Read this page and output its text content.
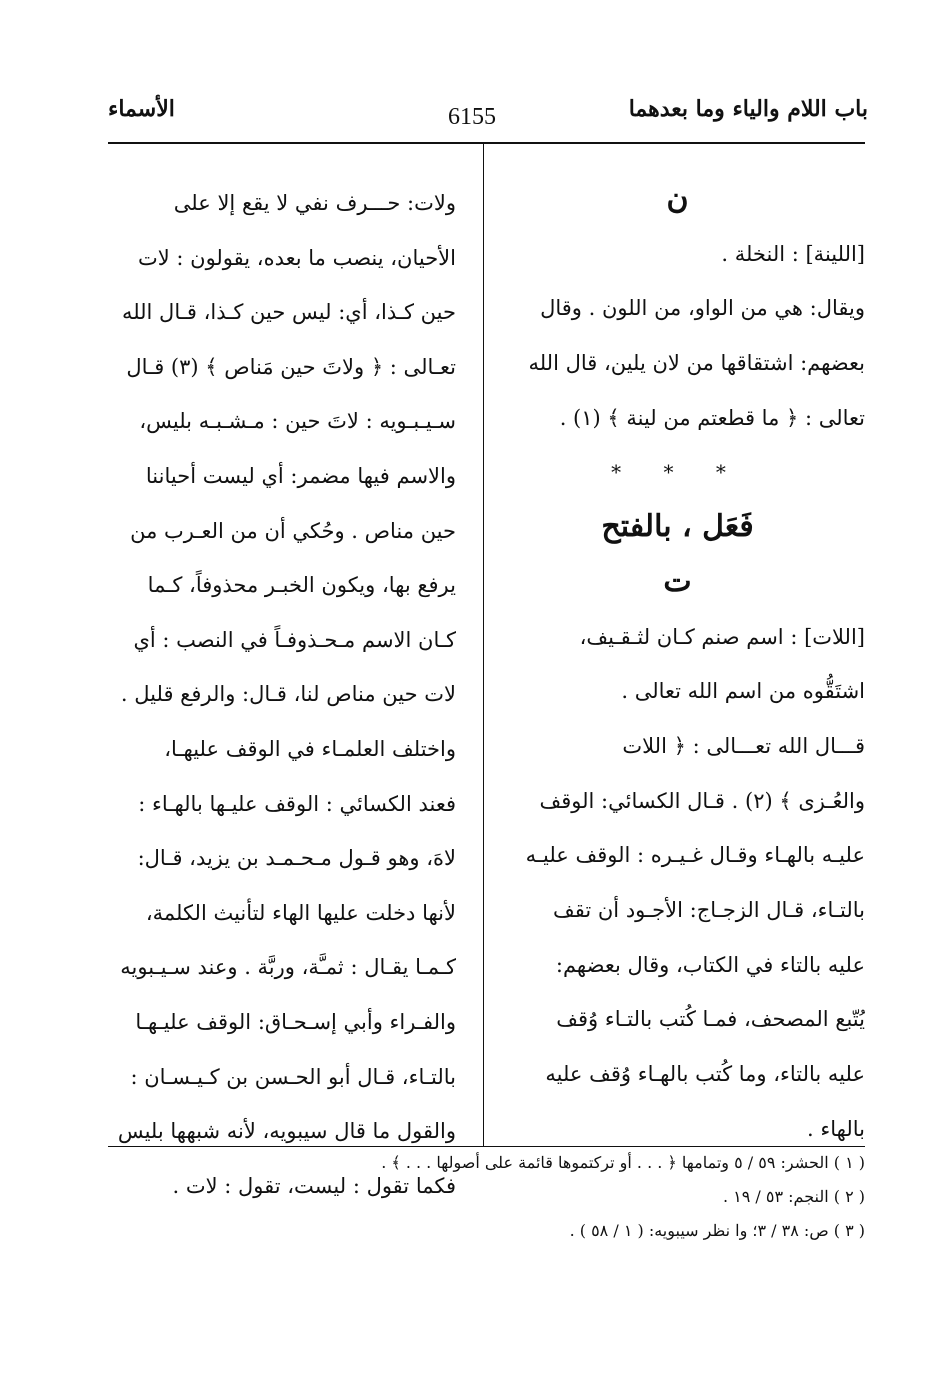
باب اللام والياء وما بعدهما
6155
الأسماء
ن
[اللينة] : النخلة .
ويقال: هي من الواو، من اللون . وقال
بعضهم: اشتقاقها من لان يلين، قال الله
تعالى : ﴿ ما قطعتم من لينة ﴾ (١) .
* * *
فَعَل ، بالفتح
ت
[اللات] : اسم صنم كـان لثـقـيف،
اشتَقُّوه من اسم الله تعالى .
قـــال الله تعـــالى : ﴿ اللات
والعُـزى ﴾ (٢) . قـال الكسائي: الوقف
عليـه بالهـاء وقـال غـيـره : الوقف عليـه
بالتـاء، قـال الزجـاج: الأجـود أن تقف
عليه بالتاء في الكتاب، وقال بعضهم:
يُتّبع المصحف، فمـا كُتب بالتـاء وُقف
عليه بالتاء، وما كُتب بالهـاء وُقف عليه
بالهاء .
ولات: حـــرف نفي لا يقع إلا على
الأحيان، ينصب ما بعده، يقولون : لات
حين كـذا، أي: ليس حين كـذا، قـال الله
تعـالى : ﴿ ولاتَ حين مَناص ﴾ (٣) قـال
سـيـبـويه : لاتَ حين : مـشـبـه بليس،
والاسم فيها مضمر: أي ليست أحياننا
حين مناص . وحُكي أن من العـرب من
يرفع بها، ويكون الخبـر محذوفاً، كـما
كـان الاسم مـحـذوفـاً في النصب : أي
لات حين مناص لنا، قـال: والرفع قليل .
واختلف العلمـاء في الوقف عليهـا،
فعند الكسائي : الوقف عليـها بالهـاء :
لاهَ، وهو قـول مـحـمـد بن يزيد، قـال:
لأنها دخلت عليها الهاء لتأنيث الكلمة،
كـمـا يقـال : ثمـَّة، وربَّة . وعند سـيـبويه
والفـراء وأبي إسـحـاق: الوقف عليـهـا
بالتـاء، قـال أبو الحـسن بن كـيـسـان :
والقول ما قال سيبويه، لأنه شبهها بليس
فكما تقول : ليست، تقول : لات .
( ١ ) الحشر: ٥٩ / ٥ وتمامها ﴿ . . . أو تركتموها قائمة على أصولها . . . ﴾ .
( ٢ ) النجم: ٥٣ / ١٩ .
( ٣ ) ص: ٣٨ / ٣؛ وا نظر سيبويه: ( ١ / ٥٨ ) .
